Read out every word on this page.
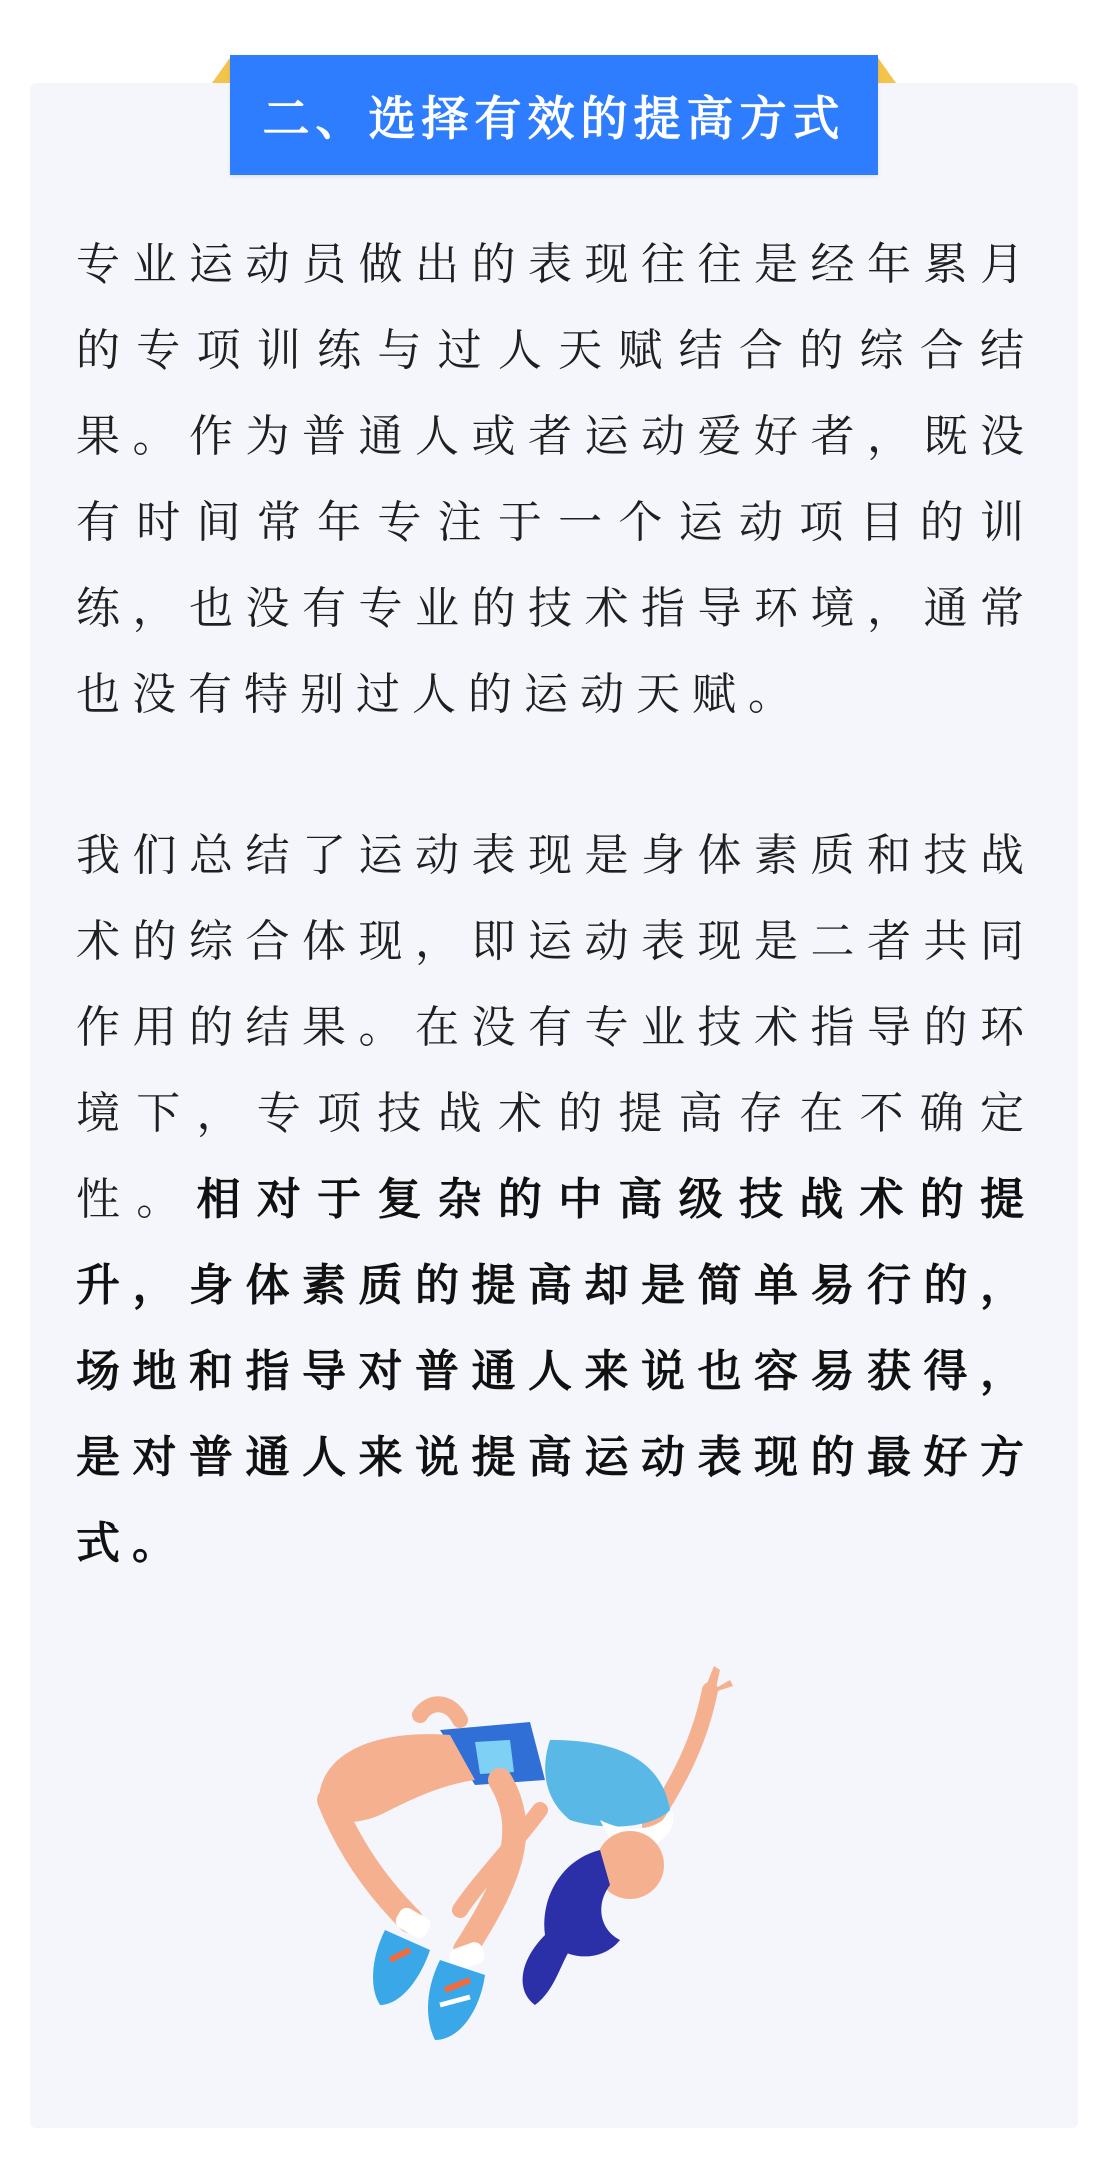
二、选择有效的提高方式

专业运动员做出的表现往往是经年累月的专项训练与过人天赋结合的综合结果。作为普通人或者运动爱好者，既没有时间常年专注于一个运动项目的训练，也没有专业的技术指导环境，通常也没有特别过人的运动天赋。

我们总结了运动表现是身体素质和技战术的综合体现，即运动表现是二者共同作用的结果。在没有专业技术指导的环境下，专项技战术的提高存在不确定性。相对于复杂的中高级技战术的提升，身体素质的提高却是简单易行的，场地和指导对普通人来说也容易获得，是对普通人来说提高运动表现的最好方式。
